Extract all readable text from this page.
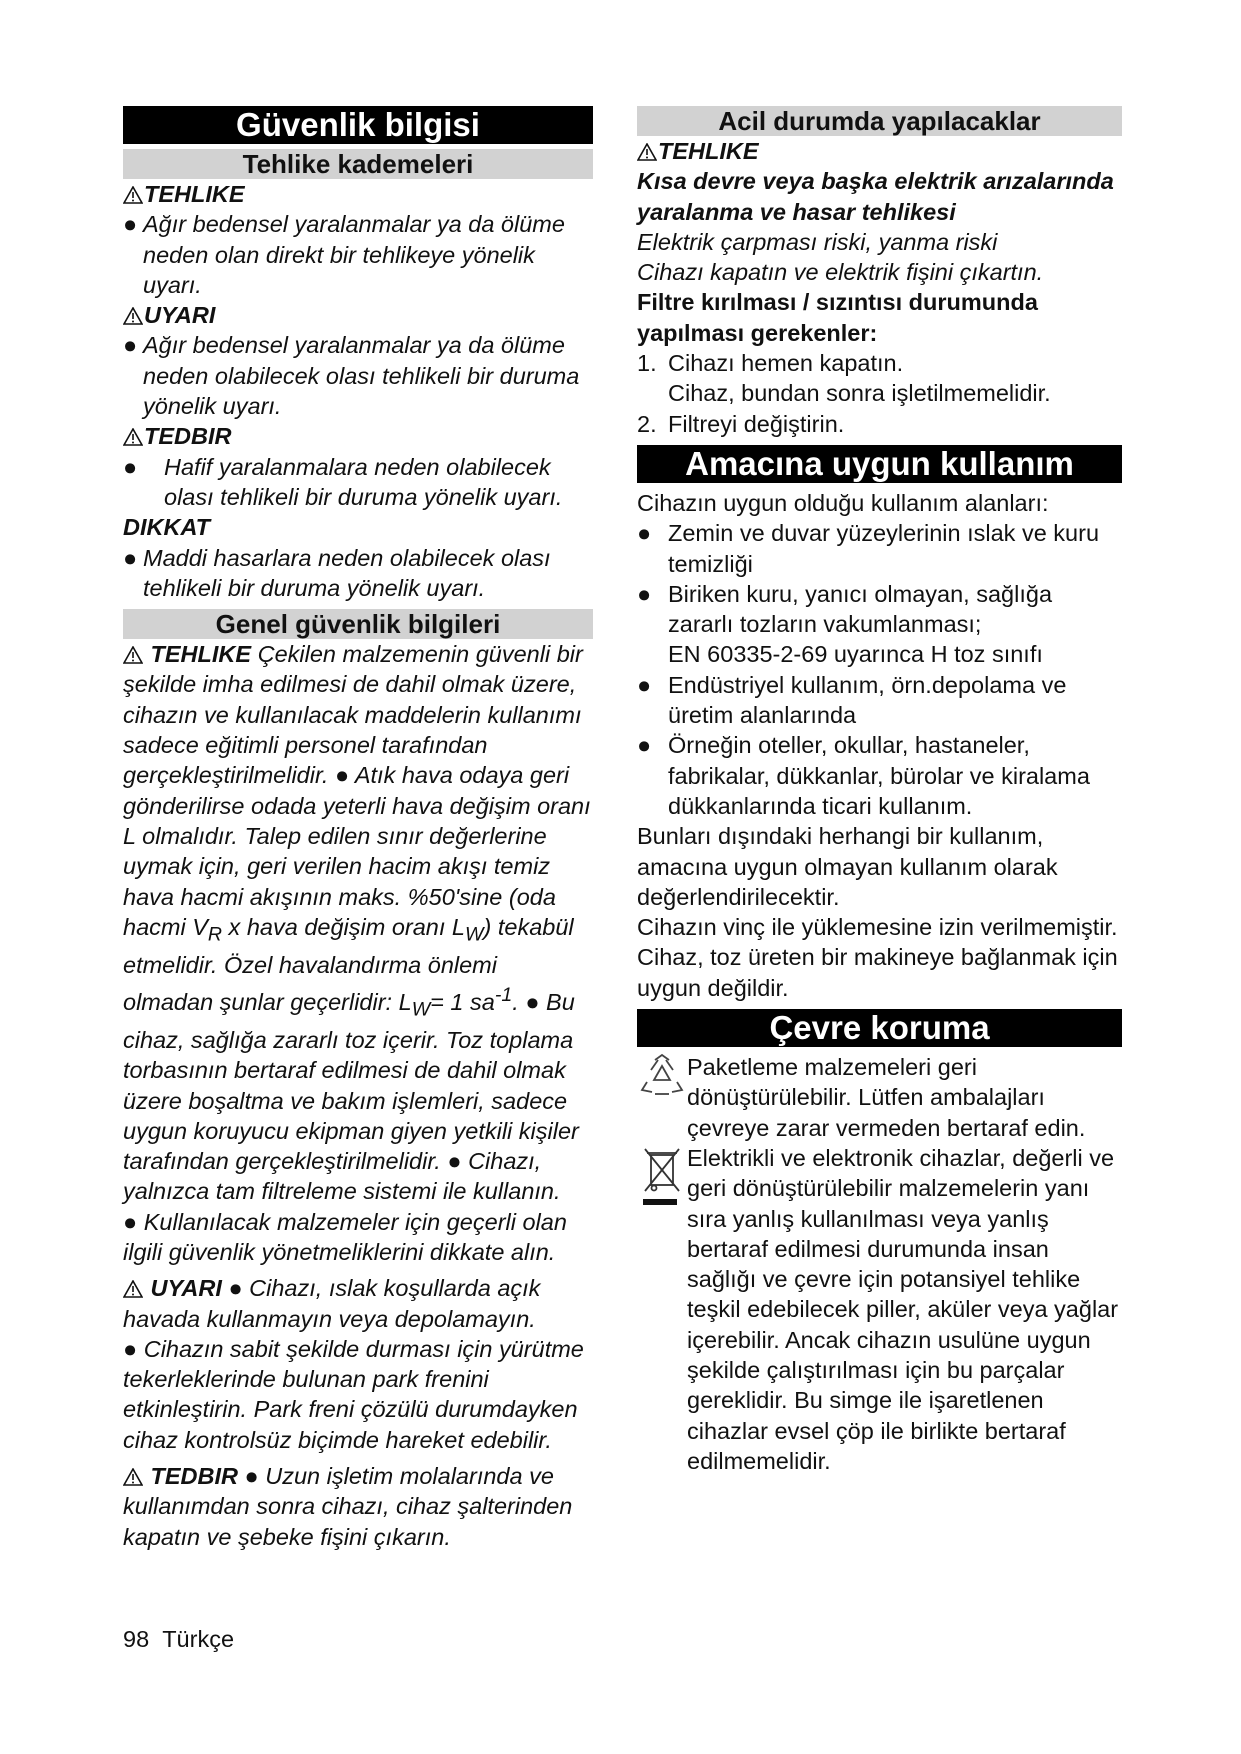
Güvenlik bilgisi
Tehlike kademeleri
TEHLIKE
● Ağır bedensel yaralanmalar ya da ölüme neden olan direkt bir tehlikeye yönelik uyarı.
UYARI
● Ağır bedensel yaralanmalar ya da ölüme neden olabilecek olası tehlikeli bir duruma yönelik uyarı.
TEDBIR
●	Hafif yaralanmalara neden olabilecek olası tehlikeli bir duruma yönelik uyarı.
DIKKAT
● Maddi hasarlara neden olabilecek olası tehlikeli bir duruma yönelik uyarı.
Genel güvenlik bilgileri

TEHLIKE Çekilen malzemenin güvenli bir şekilde imha edilmesi de dahil olmak üzere, cihazın ve kullanılacak maddelerin kullanımı sadece eğitimli personel tarafından gerçekleştirilmelidir. ● Atık hava odaya geri gönderilirse odada yeterli hava değişim oranı L olmalıdır. Talep edilen sınır değerlerine uymak için, geri verilen hacim akışı temiz hava hacmi akışının maks. %50'sine (oda hacmi $V_R$ x hava değişim oranı $L_W$) tekabül etmelidir. Özel havalandırma önlemi olmadan şunlar geçerlidir: $L_W= 1$ $sa^{-1}$. ● Bu cihaz, sağlığa zararlı toz içerir. Toz toplama torbasının bertaraf edilmesi de dahil olmak üzere boşaltma ve bakım işlemleri, sadece uygun koruyucu ekipman giyen yetkili kişiler tarafından gerçekleştirilmelidir. ● Cihazı, yalnızca tam filtreleme sistemi ile kullanın.

● Kullanılacak malzemeler için geçerli olan ilgili güvenlik yönetmeliklerini dikkate alın.

UYARI ● Cihazı, ıslak koşullarda açık havada kullanmayın veya depolamayın.

● Cihazın sabit şekilde durması için yürütme tekerleklerinde bulunan park frenini etkinleştirin. Park freni çözülü durumdayken cihaz kontrolsüz biçimde hareket edebilir.

TEDBIR ● Uzun işletim molalarında ve kullanımdan sonra cihazı, cihaz şalterinden kapatın ve şebeke fişini çıkarın.

Acil durumda yapılacaklar
TEHLIKE

Kısa devre veya başka elektrik arızalarında yaralanma ve hasar tehlikesi

Elektrik çarpması riski, yanma riski

Cihazı kapatın ve elektrik fişini çıkartın.

Filtre kırılması / sızıntısı durumunda yapılması gerekenler:

1. Cihazı hemen kapatın.

Cihaz, bundan sonra işletilmemelidir.

2. Filtreyi değiştirin.
Amacına uygun kullanım

Cihazın uygun olduğu kullanım alanları:

● Zemin ve duvar yüzeylerinin ıslak ve kuru temizliği
● Biriken kuru, yanıcı olmayan, sağlığa zararlı tozların vakumlanması;
EN 60335-2-69 uyarınca H toz sınıfı
● Endüstriyel kullanım, örn.depolama ve üretim alanlarında
● Örneğin oteller, okullar, hastaneler, fabrikalar, dükkanlar, bürolar ve kiralama dükkanlarında ticari kullanım.

Bunları dışındaki herhangi bir kullanım, amacına uygun olmayan kullanım olarak değerlendirilecektir.

Cihazın vinç ile yüklemesine izin verilmemiştir.

Cihaz, toz üreten bir makineye bağlanmak için uygun değildir.

Çevre koruma

Paketleme malzemeleri geri dönüştürülebilir. Lütfen ambalajları çevreye zarar vermeden bertaraf edin.

Elektrikli ve elektronik cihazlar, değerli ve geri dönüştürülebilir malzemelerin yanı sıra yanlış kullanılması veya yanlış bertaraf edilmesi durumunda insan sağlığı ve çevre için potansiyel tehlike teşkil edebilecek piller, aküler veya yağlar içerebilir. Ancak cihazın usulüne uygun şekilde çalıştırılması için bu parçalar gereklidir. Bu simge ile işaretlenen cihazlar evsel çöp ile birlikte bertaraf edilmemelidir.

98 Türkçe
